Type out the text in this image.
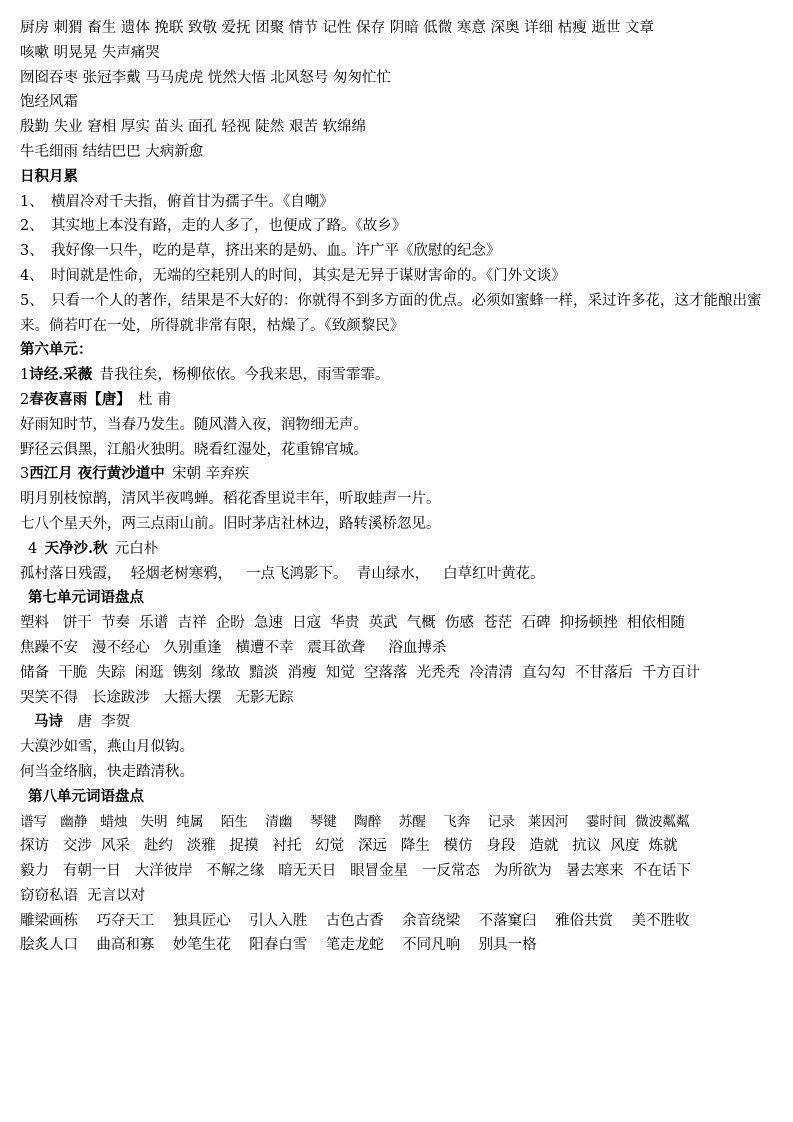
厨房 刺猬 畜生 遗体 挽联 致敬 爱抚 团聚 情节 记性 保存 阴暗 低微 寒意 深奥 详细 枯瘦 逝世 文章
咳嗽 明晃晃 失声痛哭
囫囵吞枣 张冠李戴 马马虎虎 恍然大悟 北风怒号 匆匆忙忙
饱经风霜
殷勤 失业 窘相 厚实 苗头 面孔 轻视 陡然 艰苦 软绵绵
牛毛细雨 结结巴巴 大病新愈
日积月累
1、 横眉冷对千夫指，俯首甘为孺子牛。《自嘲》
2、 其实地上本没有路，走的人多了，也便成了路。《故乡》
3、 我好像一只牛，吃的是草，挤出来的是奶、血。许广平《欣慰的纪念》
4、 时间就是性命，无端的空耗别人的时间，其实是无异于谋财害命的。《门外文谈》
5、 只看一个人的著作，结果是不大好的：你就得不到多方面的优点。必须如蜜蜂一样，采过许多花，这才能酿出蜜来。倘若叮在一处，所得就非常有限，枯燥了。《致颜黎民》
第六单元：
1诗经.采薇 昔我往矣，杨柳依依。今我来思，雨雪霏霏。
2春夜喜雨【唐】 杜 甫
好雨知时节，当春乃发生。随风潜入夜，润物细无声。
野径云俱黑，江船火独明。晓看红湿处，花重锦官城。
3西江月 夜行黄沙道中 宋朝 辛弃疾
明月别枝惊鹊，清风半夜鸣蝉。稻花香里说丰年，听取蛙声一片。
七八个星天外，两三点雨山前。旧时茅店社林边，路转溪桥忽见。
4 天净沙.秋 元白朴
孤村落日残霞，  轻烟老树寒鸦，   一点飞鸿影下。  青山绿水，   白草红叶黄花。
第七单元词语盘点
塑料   饼干  节奏  乐谱  吉祥  企盼  急速  日寇  华贵  英武  气概  伤感  苍茫  石碑  抑扬顿挫  相依相随
焦躁不安   漫不经心   久别重逢   横遭不幸   震耳欲聋     浴血搏杀
储备  干脆  失踪  闲逛  镌刻  缘故  黯淡  消瘦  知觉  空落落  光秃秃  冷清清  直勾勾  不甘落后  千方百计
哭笑不得   长途跋涉   大摇大摆   无影无踪
马诗 唐  李贺
大漠沙如雪，燕山月似钩。
何当金络脑，快走踏清秋。
第八单元词语盘点
谱写   幽静   蜡烛   失明  纯属    陌生    清幽    琴键    陶醉    苏醒    飞奔    记录   莱因河    霎时间  微波粼粼
探访   交涉  风采   赴约   淡雅   捉摸   衬托   幻觉   深远   降生   模仿   身段   造就   抗议  风度  炼就
毅力   有朝一日   大洋彼岸   不解之缘   暗无天日   眼冒金星   一反常态   为所欲为   暑去寒来  不在话下
窃窃私语  无言以对
雕梁画栋    巧夺天工    独具匠心    引人入胜    古色古香    余音绕梁    不落窠臼    雅俗共赏    美不胜收
脍炙人口    曲高和寡    妙笔生花    阳春白雪    笔走龙蛇    不同凡响    别具一格
